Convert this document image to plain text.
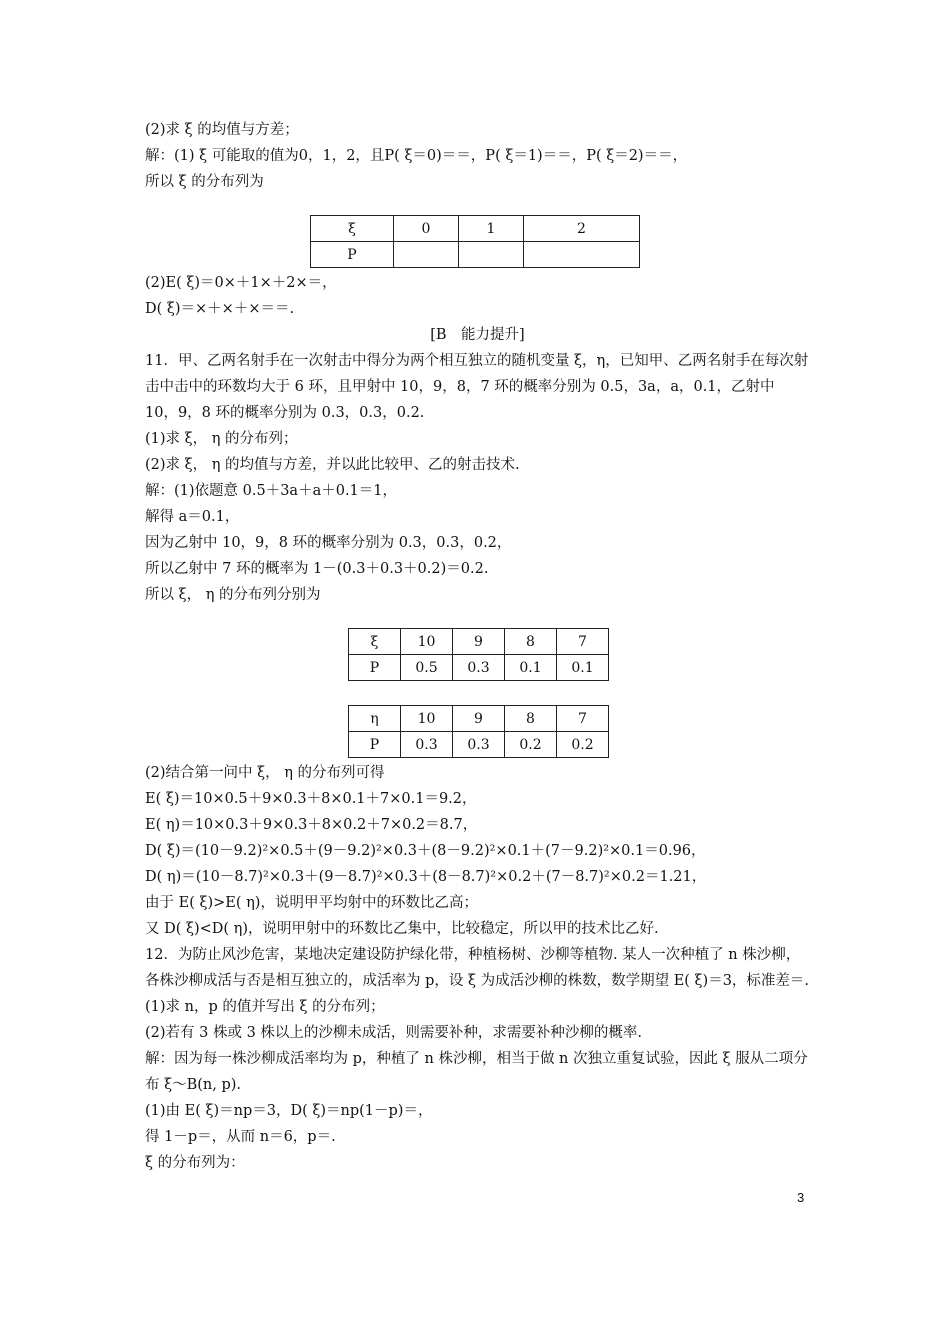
(2)求 ξ 的均值与方差；
解：(1) ξ 可能取的值为0，1，2，且P( ξ＝0)＝＝，P( ξ＝1)＝＝，P( ξ＝2)＝＝，
所以 ξ 的分布列为
ξ	0	1	2
P			
(2)E( ξ)＝0×＋1×＋2×＝，
D( ξ)＝×＋×＋×＝＝.
[B　能力提升]
11．甲、乙两名射手在一次射击中得分为两个相互独立的随机变量 ξ，η，已知甲、乙两名射手在每次射击中击中的环数均大于 6 环，且甲射中 10，9，8，7 环的概率分别为 0.5，3a，a，0.1，乙射中 10，9，8 环的概率分别为 0.3，0.3，0.2.
(1)求 ξ， η 的分布列；
(2)求 ξ， η 的均值与方差，并以此比较甲、乙的射击技术.
解：(1)依题意 0.5＋3a＋a＋0.1＝1，
解得 a＝0.1，
因为乙射中 10，9，8 环的概率分别为 0.3，0.3，0.2，
所以乙射中 7 环的概率为 1－(0.3＋0.3＋0.2)＝0.2.
所以 ξ， η 的分布列分别为
ξ	10	9	8	7
P	0.5	0.3	0.1	0.1
η	10	9	8	7
P	0.3	0.3	0.2	0.2
(2)结合第一问中 ξ， η 的分布列可得
E( ξ)＝10×0.5＋9×0.3＋8×0.1＋7×0.1＝9.2，
E( η)＝10×0.3＋9×0.3＋8×0.2＋7×0.2＝8.7，
D( ξ)＝(10－9.2)²×0.5＋(9－9.2)²×0.3＋(8－9.2)²×0.1＋(7－9.2)²×0.1＝0.96，
D( η)＝(10－8.7)²×0.3＋(9－8.7)²×0.3＋(8－8.7)²×0.2＋(7－8.7)²×0.2＝1.21，
由于 E( ξ)>E( η)，说明甲平均射中的环数比乙高；
又 D( ξ)<D( η)，说明甲射中的环数比乙集中，比较稳定，所以甲的技术比乙好.
12．为防止风沙危害，某地决定建设防护绿化带，种植杨树、沙柳等植物. 某人一次种植了 n 株沙柳，各株沙柳成活与否是相互独立的，成活率为 p，设 ξ 为成活沙柳的株数，数学期望 E( ξ)＝3，标准差＝.
(1)求 n，p 的值并写出 ξ 的分布列；
(2)若有 3 株或 3 株以上的沙柳未成活，则需要补种，求需要补种沙柳的概率.
解：因为每一株沙柳成活率均为 p，种植了 n 株沙柳，相当于做 n 次独立重复试验，因此 ξ 服从二项分布 ξ～B(n, p).
(1)由 E( ξ)＝np＝3，D( ξ)＝np(1－p)＝，
得 1－p＝，从而 n＝6，p＝.
ξ 的分布列为：
3
